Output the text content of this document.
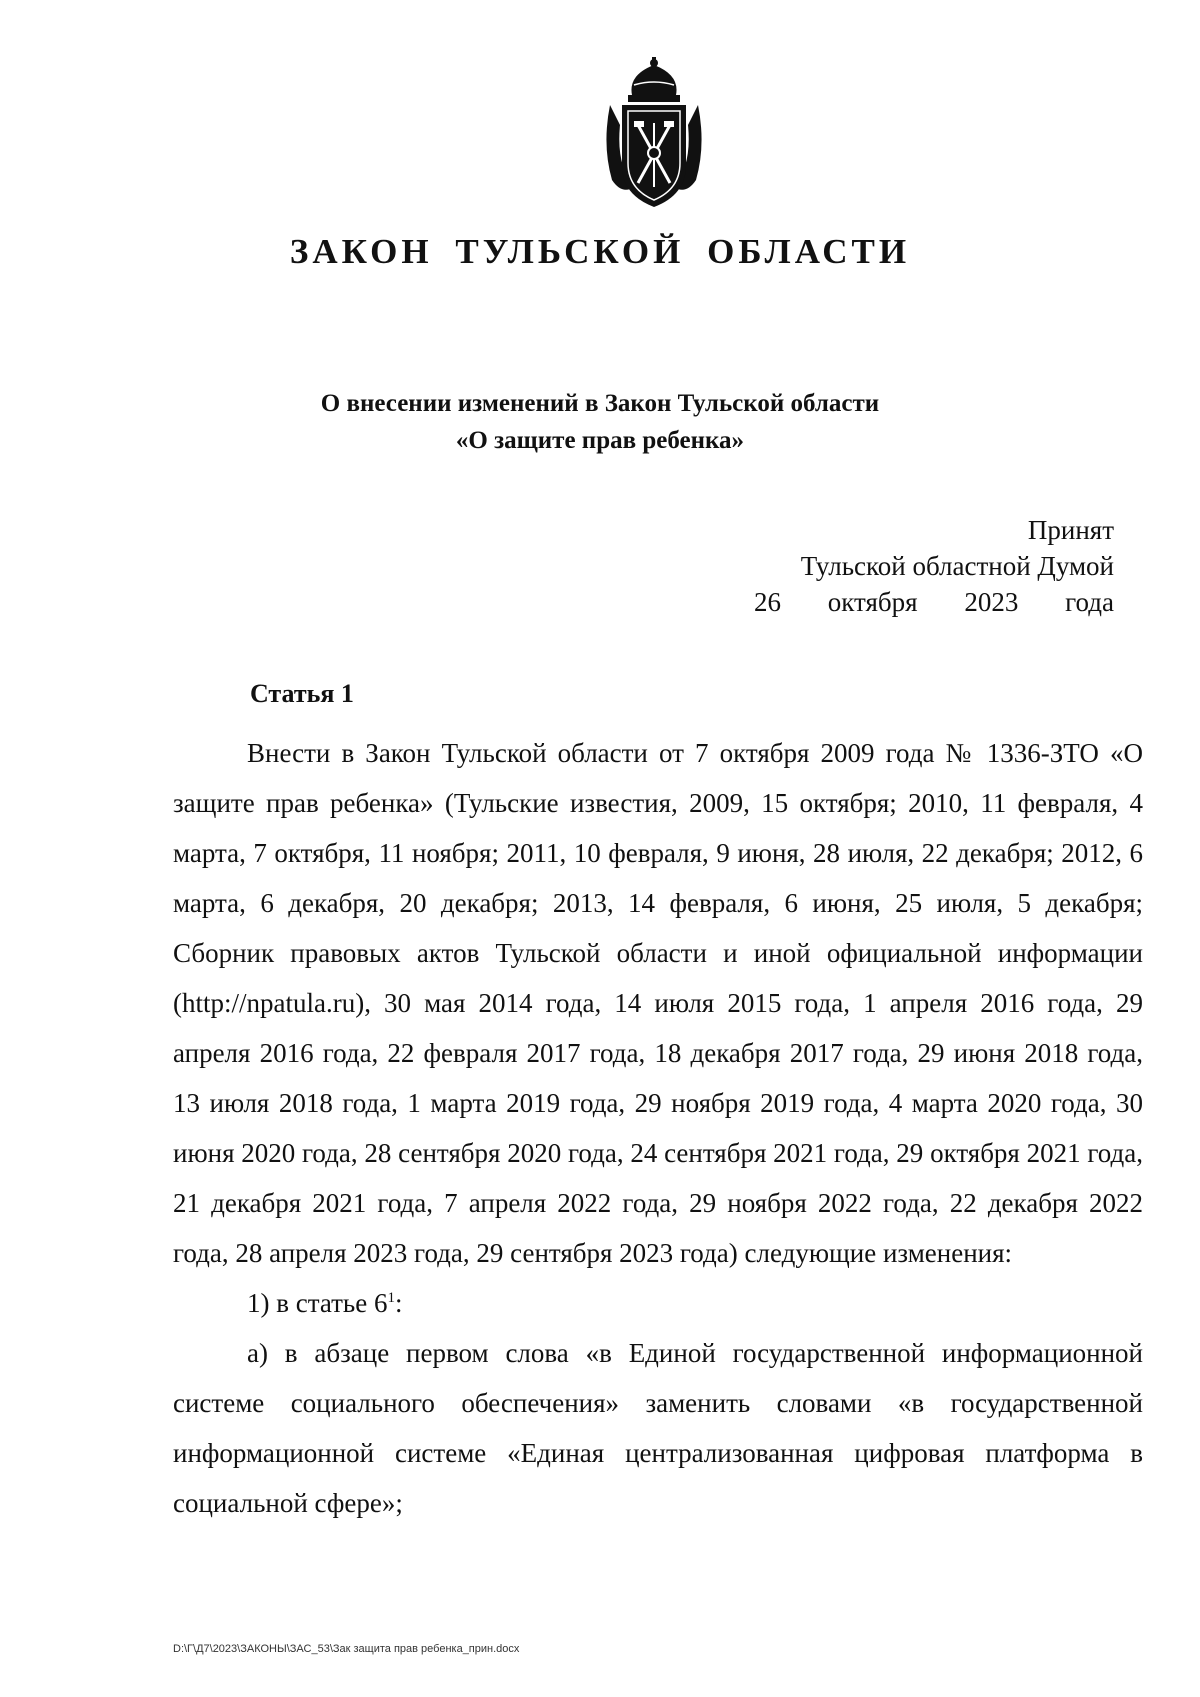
ЗАКОН ТУЛЬСКОЙ ОБЛАСТИ
О внесении изменений в Закон Тульской области
«О защите прав ребенка»
Принят
Тульской областной Думой
26 октября 2023 года
Статья 1

Внести в Закон Тульской области от 7 октября 2009 года № 1336-ЗТО «О защите прав ребенка» (Тульские известия, 2009, 15 октября; 2010, 11 февраля, 4 марта, 7 октября, 11 ноября; 2011, 10 февраля, 9 июня, 28 июля, 22 декабря; 2012, 6 марта, 6 декабря, 20 декабря; 2013, 14 февраля, 6 июня, 25 июля, 5 декабря; Сборник правовых актов Тульской области и иной официальной информации (http://npatula.ru), 30 мая 2014 года, 14 июля 2015 года, 1 апреля 2016 года, 29 апреля 2016 года, 22 февраля 2017 года, 18 декабря 2017 года, 29 июня 2018 года, 13 июля 2018 года, 1 марта 2019 года, 29 ноября 2019 года, 4 марта 2020 года, 30 июня 2020 года, 28 сентября 2020 года, 24 сентября 2021 года, 29 октября 2021 года, 21 декабря 2021 года, 7 апреля 2022 года, 29 ноября 2022 года, 22 декабря 2022 года, 28 апреля 2023 года, 29 сентября 2023 года) следующие изменения:

1) в статье $6^1$:

а) в абзаце первом слова «в Единой государственной информационной системе социального обеспечения» заменить словами «в государственной информационной системе «Единая централизованная цифровая платформа в социальной сфере»;

D:\Г\Д7\2023\ЗАКОНЫ\ЗАС_53\Зак защита прав ребенка_прин.docx
